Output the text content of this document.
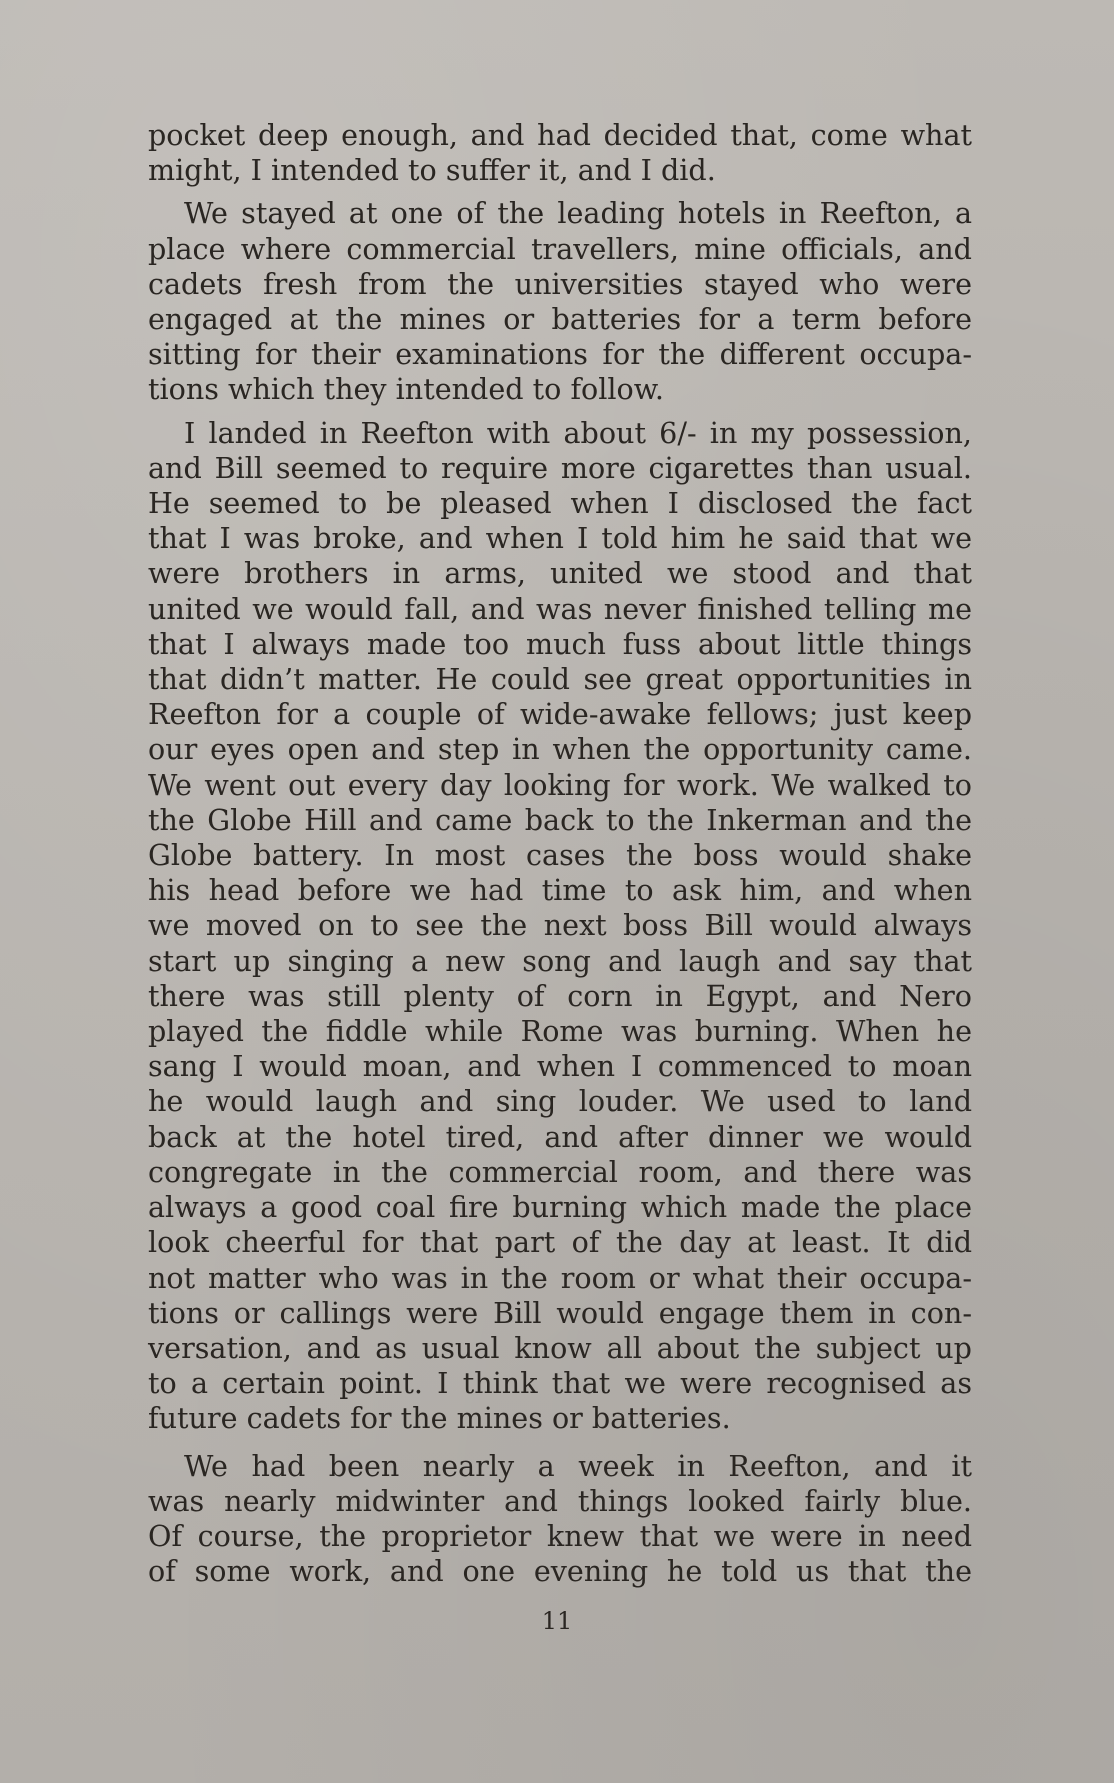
pocket deep enough, and had decided that, come what
might, I intended to suffer it, and I did.

We stayed at one of the leading hotels in Reefton, a
place where commercial travellers, mine officials, and
cadets fresh from the universities stayed who were
engaged at the mines or batteries for a term before
sitting for their examinations for the different occupa-
tions which they intended to follow.

I landed in Reefton with about 6/- in my possession,
and Bill seemed to require more cigarettes than usual.
He seemed to be pleased when I disclosed the fact
that I was broke, and when I told him he said that we
were brothers in arms, united we stood and that
united we would fall, and was never finished telling me
that I always made too much fuss about little things
that didn’t matter. He could see great opportunities in
Reefton for a couple of wide-awake fellows; just keep
our eyes open and step in when the opportunity came.
We went out every day looking for work. We walked to
the Globe Hill and came back to the Inkerman and the
Globe battery. In most cases the boss would shake
his head before we had time to ask him, and when
we moved on to see the next boss Bill would always
start up singing a new song and laugh and say that
there was still plenty of corn in Egypt, and Nero
played the fiddle while Rome was burning. When he
sang I would moan, and when I commenced to moan
he would laugh and sing louder. We used to land
back at the hotel tired, and after dinner we would
congregate in the commercial room, and there was
always a good coal fire burning which made the place
look cheerful for that part of the day at least. It did
not matter who was in the room or what their occupa-
tions or callings were Bill would engage them in con-
versation, and as usual know all about the subject up
to a certain point. I think that we were recognised as
future cadets for the mines or batteries.

We had been nearly a week in Reefton, and it
was nearly midwinter and things looked fairly blue.
Of course, the proprietor knew that we were in need
of some work, and one evening he told us that the

11
